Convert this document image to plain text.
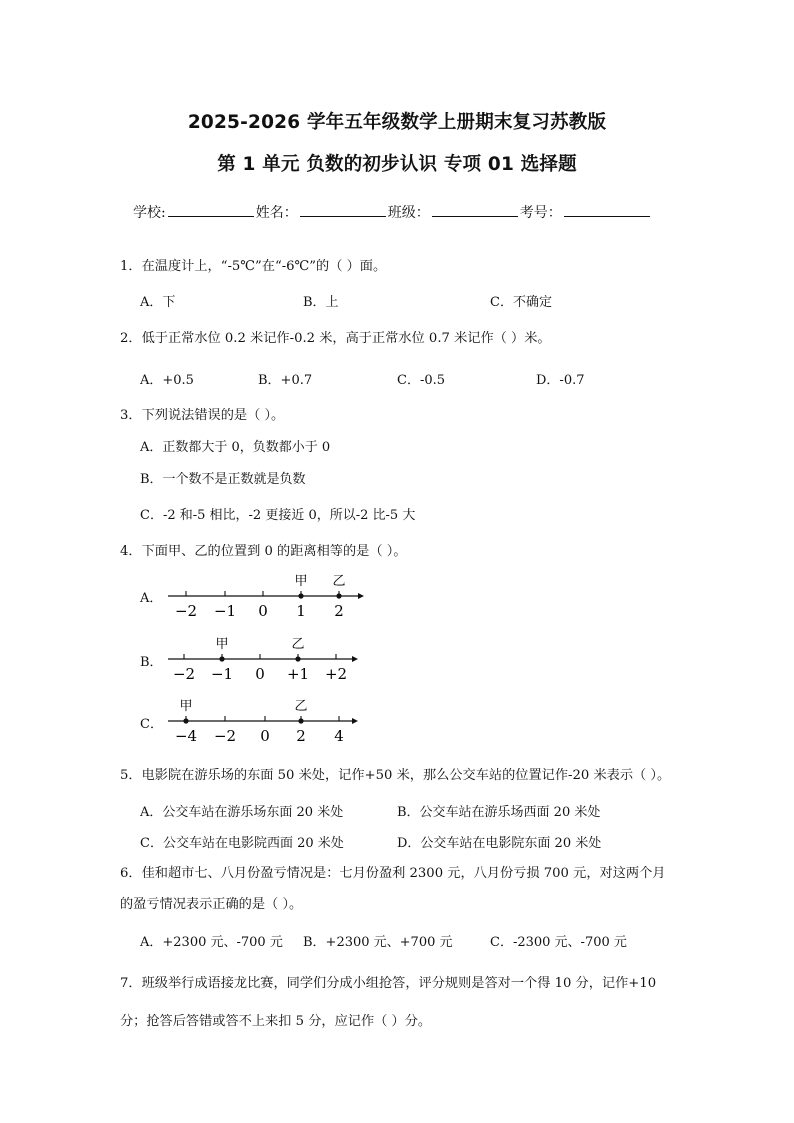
2025-2026 学年五年级数学上册期末复习苏教版
第 1 单元 负数的初步认识 专项 01 选择题
学校:	姓名：	班级：	考号：
1．在温度计上，“-5℃”在“-6℃”的（ ）面。
A．下	B．上	C．不确定
2．低于正常水位 0.2 米记作-0.2 米，高于正常水位 0.7 米记作（ ）米。
A．+0.5	B．+0.7	C．-0.5	D．-0.7
3．下列说法错误的是（ ）。
A．正数都大于 0，负数都小于 0
B．一个数不是正数就是负数
C．-2 和-5 相比，-2 更接近 0，所以-2 比-5 大
4．下面甲、乙的位置到 0 的距离相等的是（ ）。
A．
−2 −1 0 1 2
甲 乙
B．
−2 −1 0 +1 +2
甲	乙
C．
−4 −2 0 2 4
甲	乙
5．电影院在游乐场的东面 50 米处，记作+50 米，那么公交车站的位置记作-20 米表示（ ）。
A．公交车站在游乐场东面 20 米处	B．公交车站在游乐场西面 20 米处
C．公交车站在电影院西面 20 米处	D．公交车站在电影院东面 20 米处
6．佳和超市七、八月份盈亏情况是：七月份盈利 2300 元，八月份亏损 700 元，对这两个月
的盈亏情况表示正确的是（ ）。
A．+2300 元、-700 元 B．+2300 元、+700 元	C．-2300 元、-700 元
7．班级举行成语接龙比赛，同学们分成小组抢答，评分规则是答对一个得 10 分，记作+10
分；抢答后答错或答不上来扣 5 分，应记作（ ）分。
